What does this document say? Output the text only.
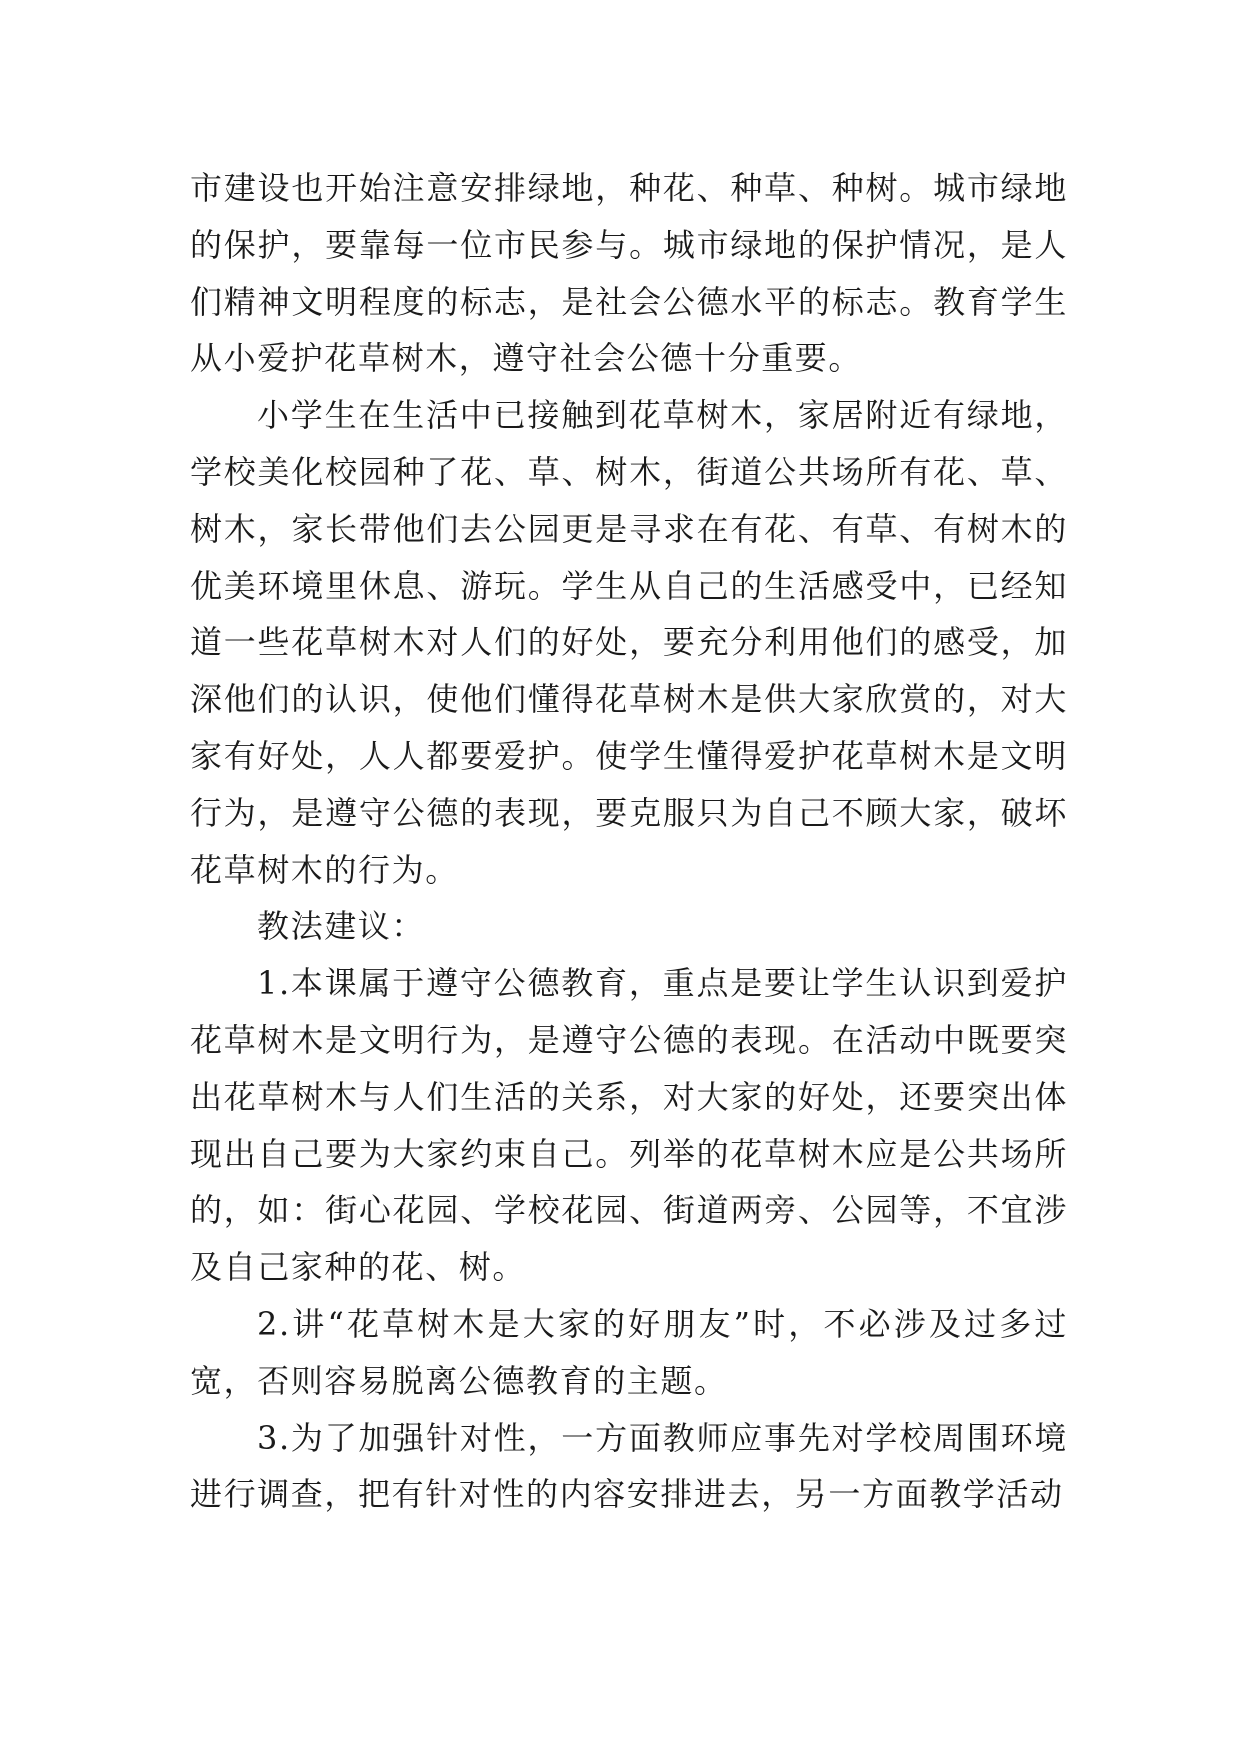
市建设也开始注意安排绿地，种花、种草、种树。城市绿地的保护，要靠每一位市民参与。城市绿地的保护情况，是人们精神文明程度的标志，是社会公德水平的标志。教育学生从小爱护花草树木，遵守社会公德十分重要。

小学生在生活中已接触到花草树木，家居附近有绿地，学校美化校园种了花、草、树木，街道公共场所有花、草、树木，家长带他们去公园更是寻求在有花、有草、有树木的优美环境里休息、游玩。学生从自己的生活感受中，已经知道一些花草树木对人们的好处，要充分利用他们的感受，加深他们的认识，使他们懂得花草树木是供大家欣赏的，对大家有好处，人人都要爱护。使学生懂得爱护花草树木是文明行为，是遵守公德的表现，要克服只为自己不顾大家，破坏花草树木的行为。

教法建议：

1.本课属于遵守公德教育，重点是要让学生认识到爱护花草树木是文明行为，是遵守公德的表现。在活动中既要突出花草树木与人们生活的关系，对大家的好处，还要突出体现出自己要为大家约束自己。列举的花草树木应是公共场所的，如：街心花园、学校花园、街道两旁、公园等，不宜涉及自己家种的花、树。

2.讲“花草树木是大家的好朋友”时，不必涉及过多过宽，否则容易脱离公德教育的主题。

3.为了加强针对性，一方面教师应事先对学校周围环境进行调查，把有针对性的内容安排进去，另一方面教学活动
